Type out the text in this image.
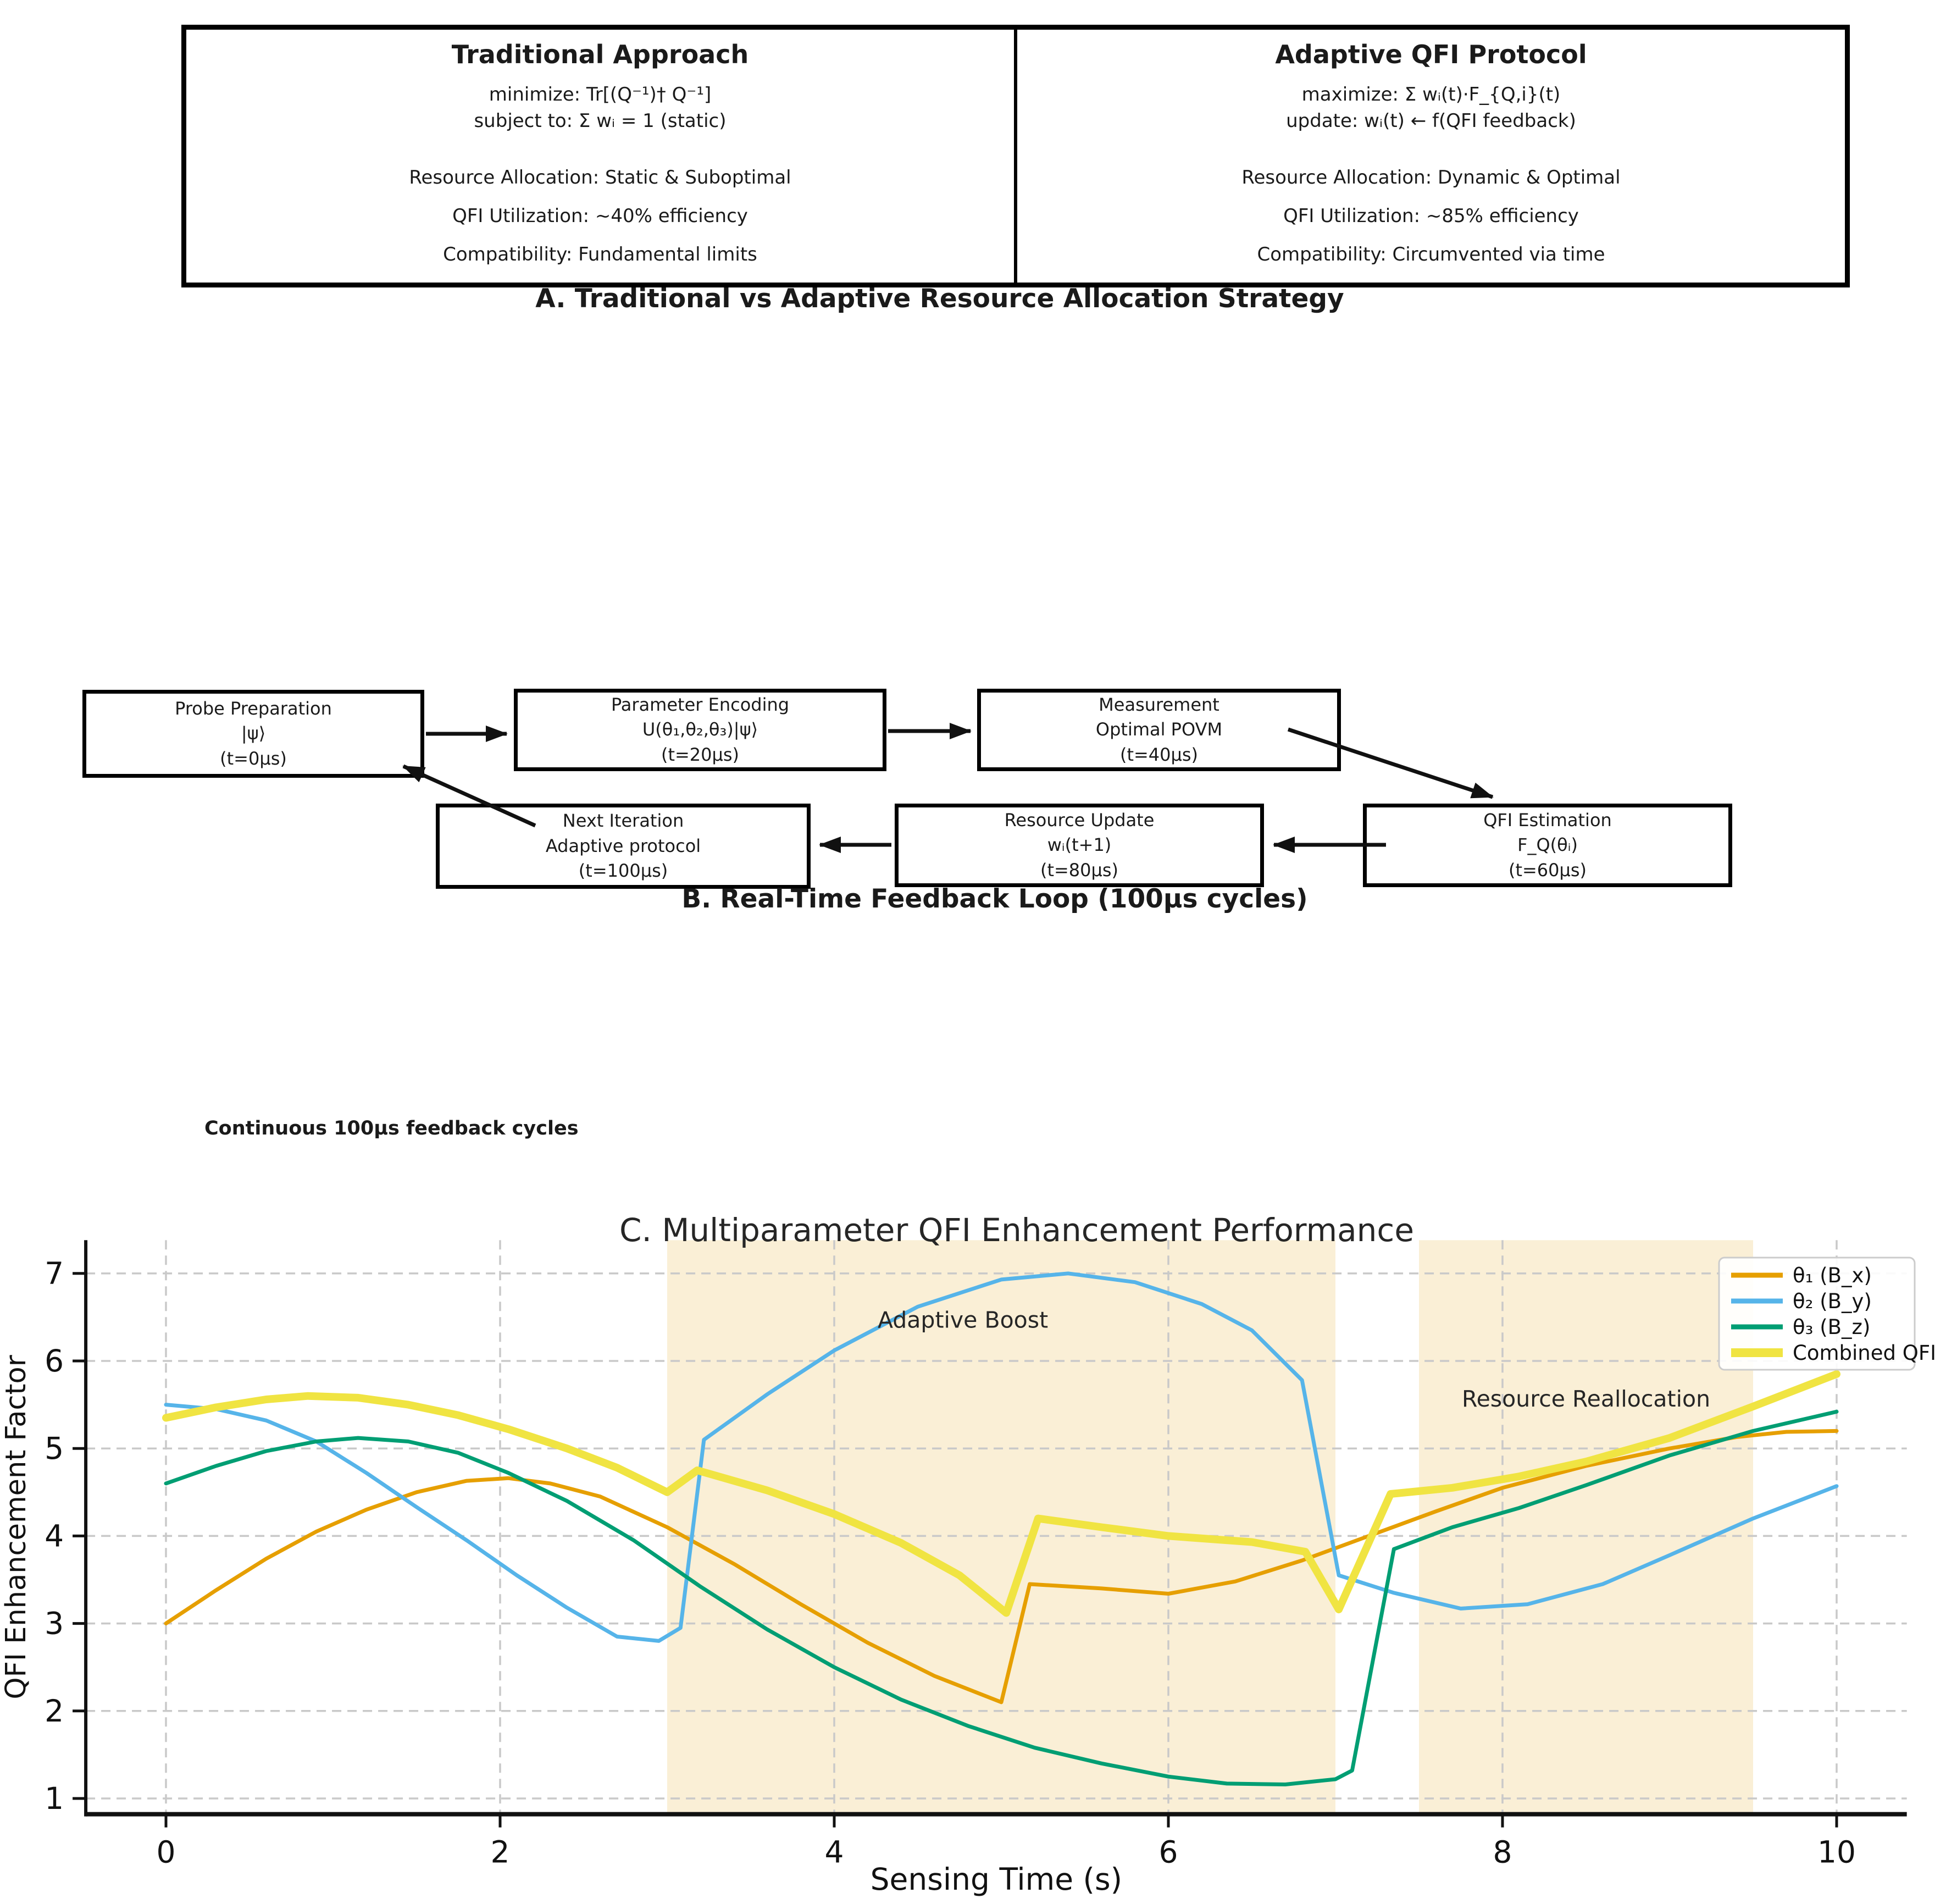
Traditional Approach
minimize: Tr[(Q⁻¹)† Q⁻¹]
subject to: Σ wᵢ = 1 (static)
Resource Allocation: Static & Suboptimal
QFI Utilization: ~40% efficiency
Compatibility: Fundamental limits
Adaptive QFI Protocol
maximize: Σ wᵢ(t)·F_{Q,i}(t)
update: wᵢ(t) ← f(QFI feedback)
Resource Allocation: Dynamic & Optimal
QFI Utilization: ~85% efficiency
Compatibility: Circumvented via time
A. Traditional vs Adaptive Resource Allocation Strategy
Probe Preparation
|ψ⟩
(t=0μs)
Parameter Encoding
U(θ₁,θ₂,θ₃)|ψ⟩
(t=20μs)
Measurement
Optimal POVM
(t=40μs)
QFI Estimation
F_Q(θᵢ)
(t=60μs)
Resource Update
wᵢ(t+1)
(t=80μs)
Next Iteration
Adaptive protocol
(t=100μs)
B. Real-Time Feedback Loop (100μs cycles)
Continuous 100μs feedback cycles
0	2	4	6	8	10
1
2
3
4
5
6
7
Adaptive Boost
Resource Reallocation
C. Multiparameter QFI Enhancement Performance
Sensing Time (s)
QFI Enhancement Factor
θ₁ (B_x)
θ₂ (B_y)
θ₃ (B_z)
Combined QFI
